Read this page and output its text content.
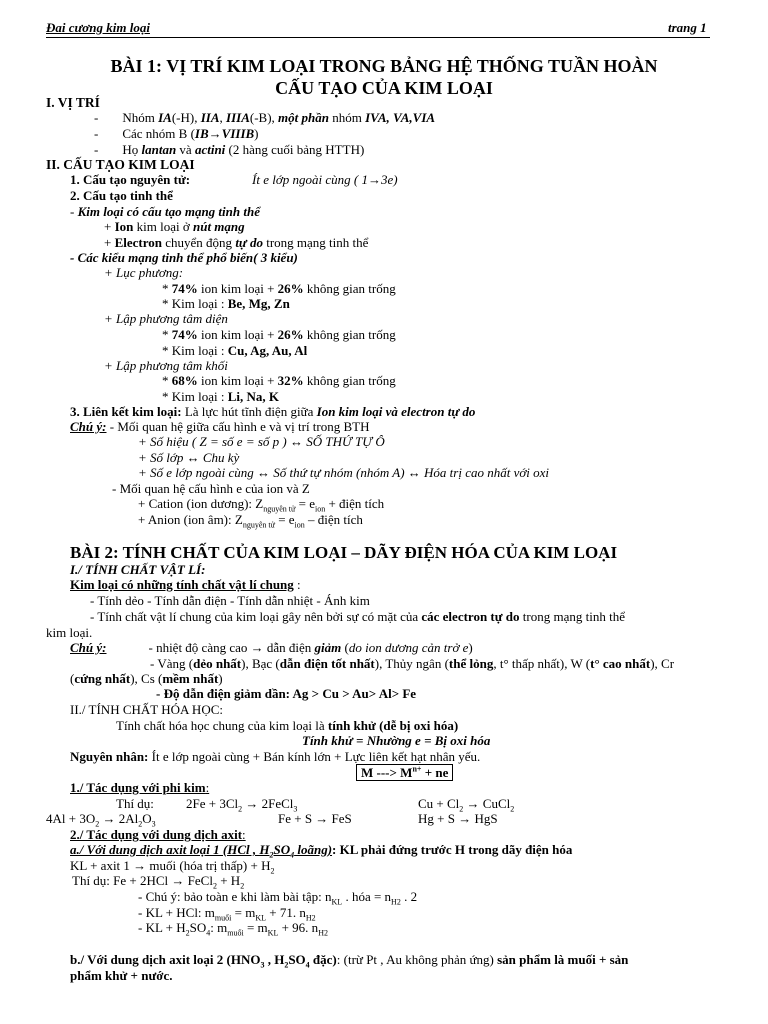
Đai cương kim loại	trang 1
BÀI 1: VỊ TRÍ KIM LOẠI TRONG BẢNG HỆ THỐNG TUẦN HOÀN
CẤU TẠO CỦA KIM LOẠI
I. VỊ TRÍ
- Nhóm IA(-H), IIA, IIIA(-B), một phần nhóm IVA, VA,VIA
- Các nhóm B (IB→VIIIB)
- Họ lantan và actini (2 hàng cuối bảng HTTH)
II. CẤU TẠO KIM LOẠI
1. Cấu tạo nguyên tử:	Ít e lớp ngoài cùng ( 1→3e)
2. Cấu tạo tinh thể
- Kim loại có cấu tạo mạng tinh thể
+ Ion kim loại ở nút mạng
+ Electron chuyển động tự do trong mạng tinh thể
- Các kiểu mạng tinh thể phổ biến( 3 kiểu)
+ Lục phương:
* 74% ion kim loại + 26% không gian trống
* Kim loại : Be, Mg, Zn
+ Lập phương tâm diện
* 74% ion kim loại + 26% không gian trống
* Kim loại : Cu, Ag, Au, Al
+ Lập phương tâm khối
* 68% ion kim loại + 32% không gian trống
* Kim loại : Li, Na, K
3. Liên kết kim loại: Là lực hút tĩnh điện giữa Ion kim loại và electron tự do
Chú ý: - Mối quan hệ giữa cấu hình e và vị trí trong BTH
+ Số hiệu ( Z = số e = số p ) ↔ SỐ THỨ TỰ Ô
+ Số lớp ↔ Chu kỳ
+ Số e lớp ngoài cùng ↔ Số thứ tự nhóm (nhóm A) ↔ Hóa trị cao nhất với oxi
- Mối quan hệ cấu hình e của ion và Z
+ Cation (ion dương): $Z_{nguyên tử} = e_{ion}$ + điện tích
+ Anion (ion âm): $Z_{nguyên tử} = e_{ion}$ – điện tích
BÀI 2: TÍNH CHẤT CỦA KIM LOẠI – DÃY ĐIỆN HÓA CỦA KIM LOẠI
I./ TÍNH CHẤT VẬT LÍ:
Kim loại có những tính chất vật lí chung :
- Tính dẻo - Tính dẫn điện - Tính dẫn nhiệt - Ánh kim
- Tính chất vật lí chung của kim loại gây nên bởi sự có mặt của các electron tự do trong mạng tinh thể
kim loại.
Chú ý:	- nhiệt độ càng cao → dẫn điện giảm (do ion dương cản trở e)
- Vàng (dẻo nhất), Bạc (dẫn điện tốt nhất), Thủy ngân (thể lỏng, t° thấp nhất), W (t° cao nhất), Cr
(cứng nhất), Cs (mềm nhất)
- Độ dẫn điện giảm dần: Ag > Cu > Au> Al> Fe
II./ TÍNH CHẤT HÓA HỌC:
Tính chất hóa học chung của kim loại là tính khử (dễ bị oxi hóa)
Tính khử = Nhường e = Bị oxi hóa
Nguyên nhân: Ít e lớp ngoài cùng + Bán kính lớn + Lực liên kết hạt nhân yếu.
M ---> $M^{n+}$ + ne
1./ Tác dụng với phi kim:
Thí dụ: $2Fe + 3Cl_2$ → 2FeCl$_3$	$Cu + Cl_2$ → CuCl$_2$
$4Al + 3O_2 \to 2Al_2O_3$	Fe + S → FeS	Hg + S → HgS
2./ Tác dụng với dung dịch axit:
a./ Với dung dịch axit loại 1 (HCl , $H_2SO_4$ loãng): KL phải đứng trước H trong dãy điện hóa
KL + axit 1 → muối (hóa trị thấp) + $H_2$
Thí dụ: Fe + 2HCl → FeCl$_2$ + $H_2$
- Chú ý: bảo toàn e khi làm bài tập: $n_{KL}$ . hóa = $n_{H2}$ . 2
- KL + HCl: $m_{muối} = m_{KL} + 71$. $n_{H2}$
- KL + $H_2SO_4$: $m_{muối} = m_{KL} + 96$. $n_{H2}$
b./ Với dung dịch axit loại 2 ($HNO_3$ , $H_2SO_4$ đặc): (trừ Pt , Au không phản ứng) sản phẩm là muối + sản
phẩm khử + nước.
